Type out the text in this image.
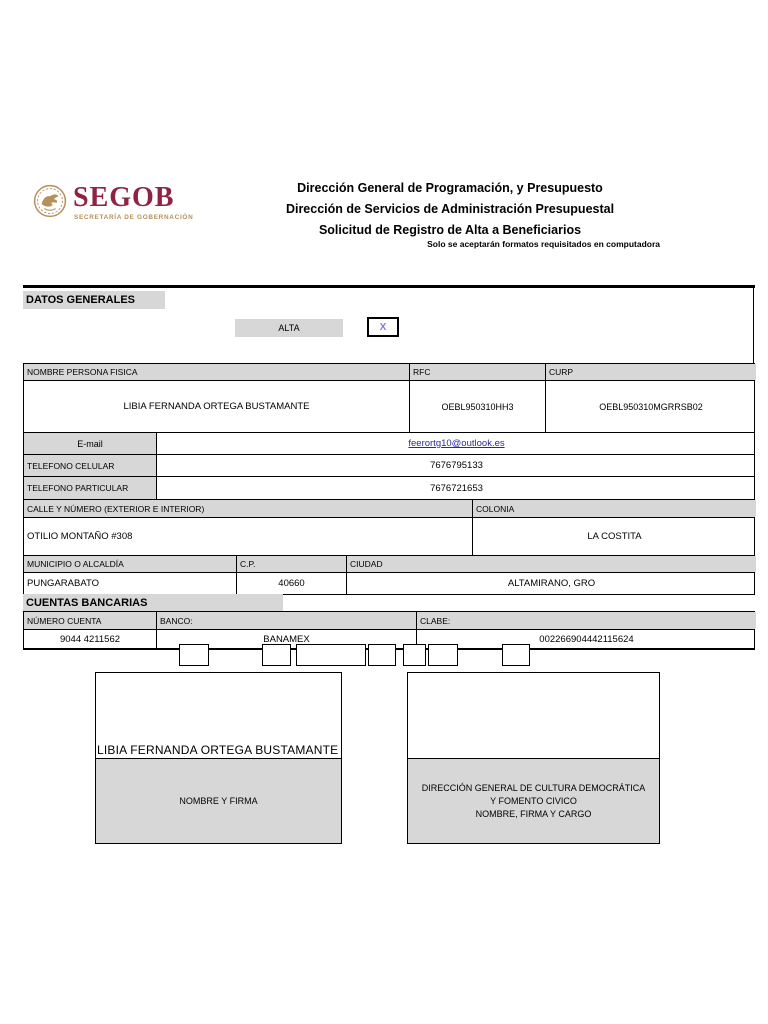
SEGOB
SECRETARÍA DE GOBERNACIÓN
Dirección General de Programación, y Presupuesto
Dirección de Servicios de Administración Presupuestal
Solicitud de Registro de Alta a Beneficiarios
Solo se aceptarán formatos requisitados en computadora
DATOS GENERALES
ALTA	X
NOMBRE PERSONA FISICA	RFC	CURP
LIBIA FERNANDA ORTEGA BUSTAMANTE	OEBL950310HH3	OEBL950310MGRRSB02
E-mail	feerortg10@outlook.es
TELEFONO CELULAR	7676795133
TELEFONO PARTICULAR	7676721653
CALLE Y NÚMERO (EXTERIOR E INTERIOR)	COLONIA
OTILIO MONTAÑO #308	LA COSTITA
MUNICIPIO O ALCALDÍA	C.P.	CIUDAD
PUNGARABATO	40660	ALTAMIRANO, GRO
CUENTAS BANCARIAS
NÚMERO CUENTA	BANCO:	CLABE:
9044 4211562	BANAMEX	002266904442115624
LIBIA FERNANDA ORTEGA BUSTAMANTE
NOMBRE Y FIRMA
DIRECCIÓN GENERAL DE CULTURA DEMOCRÁTICA
Y FOMENTO CIVICO
NOMBRE, FIRMA Y CARGO
